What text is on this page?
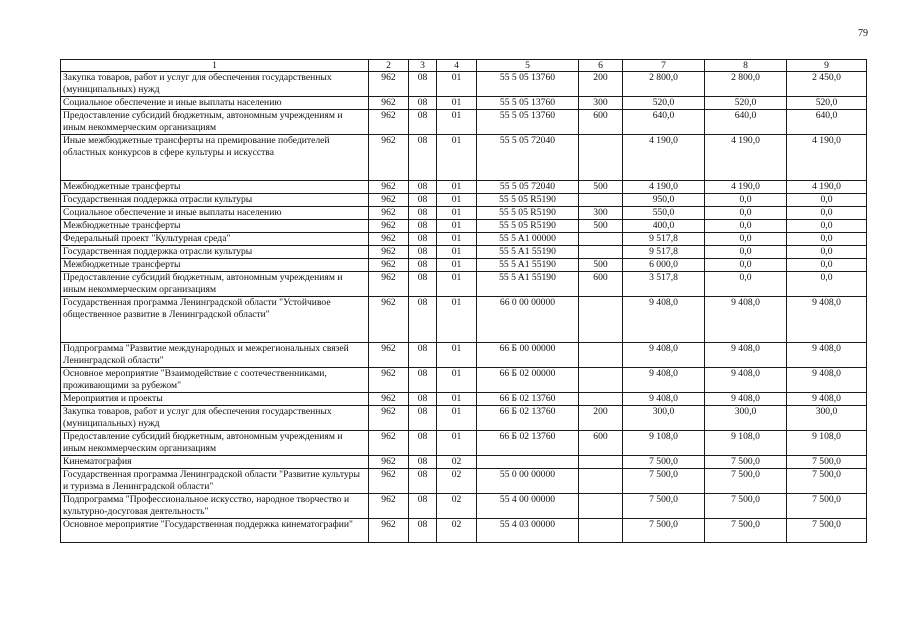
79
1	2	3	4	5	6	7	8	9
Закупка товаров, работ и услуг для обеспечения государственных (муниципальных) нужд	962	08	01	55 5 05 13760	200	2 800,0	2 800,0	2 450,0
Социальное обеспечение и иные выплаты населению	962	08	01	55 5 05 13760	300	520,0	520,0	520,0
Предоставление субсидий бюджетным, автономным учреждениям и иным некоммерческим организациям	962	08	01	55 5 05 13760	600	640,0	640,0	640,0
Иные межбюджетные трансферты на премирование победителей областных конкурсов в сфере культуры и искусства	962	08	01	55 5 05 72040		4 190,0	4 190,0	4 190,0
Межбюджетные трансферты	962	08	01	55 5 05 72040	500	4 190,0	4 190,0	4 190,0
Государственная поддержка отрасли культуры	962	08	01	55 5 05 R5190		950,0	0,0	0,0
Социальное обеспечение и иные выплаты населению	962	08	01	55 5 05 R5190	300	550,0	0,0	0,0
Межбюджетные трансферты	962	08	01	55 5 05 R5190	500	400,0	0,0	0,0
Федеральный проект "Культурная среда"	962	08	01	55 5 A1 00000		9 517,8	0,0	0,0
Государственная поддержка отрасли культуры	962	08	01	55 5 A1 55190		9 517,8	0,0	0,0
Межбюджетные трансферты	962	08	01	55 5 A1 55190	500	6 000,0	0,0	0,0
Предоставление субсидий бюджетным, автономным учреждениям и иным некоммерческим организациям	962	08	01	55 5 A1 55190	600	3 517,8	0,0	0,0
Государственная программа Ленинградской области "Устойчивое общественное развитие в Ленинградской области"	962	08	01	66 0 00 00000		9 408,0	9 408,0	9 408,0
Подпрограмма "Развитие международных и межрегиональных связей Ленинградской области"	962	08	01	66 Б 00 00000		9 408,0	9 408,0	9 408,0
Основное мероприятие "Взаимодействие с соотечественниками, проживающими за рубежом"	962	08	01	66 Б 02 00000		9 408,0	9 408,0	9 408,0
Мероприятия и проекты	962	08	01	66 Б 02 13760		9 408,0	9 408,0	9 408,0
Закупка товаров, работ и услуг для обеспечения государственных (муниципальных) нужд	962	08	01	66 Б 02 13760	200	300,0	300,0	300,0
Предоставление субсидий бюджетным, автономным учреждениям и иным некоммерческим организациям	962	08	01	66 Б 02 13760	600	9 108,0	9 108,0	9 108,0
Кинематография	962	08	02			7 500,0	7 500,0	7 500,0
Государственная программа Ленинградской области "Развитие культуры и туризма в Ленинградской области"	962	08	02	55 0 00 00000		7 500,0	7 500,0	7 500,0
Подпрограмма "Профессиональное искусство, народное творчество и культурно-досуговая деятельность"	962	08	02	55 4 00 00000		7 500,0	7 500,0	7 500,0
Основное мероприятие "Государственная поддержка кинематографии"	962	08	02	55 4 03 00000		7 500,0	7 500,0	7 500,0
